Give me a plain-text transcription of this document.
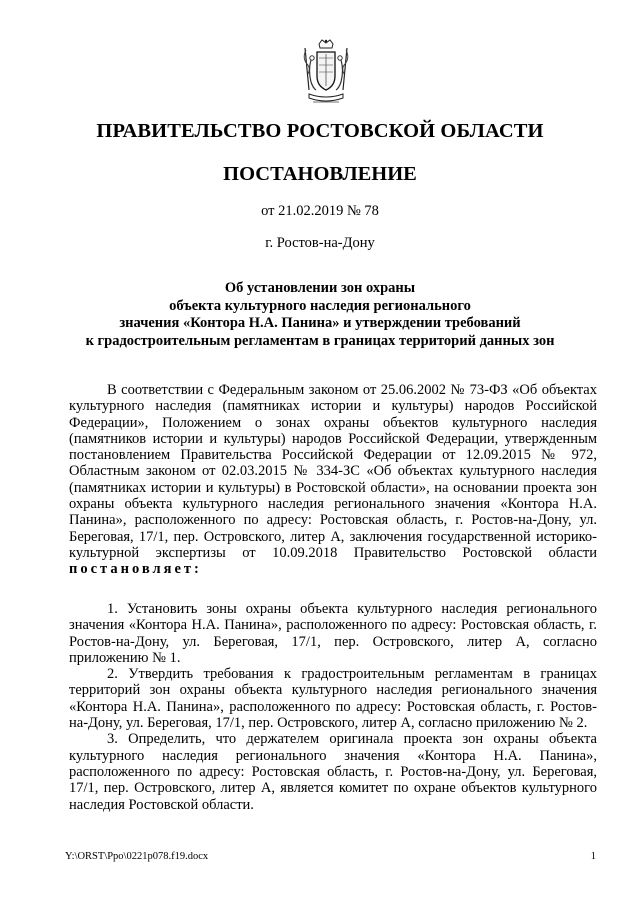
ПРАВИТЕЛЬСТВО РОСТОВСКОЙ ОБЛАСТИ
ПОСТАНОВЛЕНИЕ
от 21.02.2019 № 78
г. Ростов-на-Дону
Об установлении зон охраны
объекта культурного наследия регионального
значения «Контора Н.А. Панина» и утверждении требований
к градостроительным регламентам в границах территорий данных зон
В соответствии с Федеральным законом от 25.06.2002 № 73-ФЗ «Об объектах культурного наследия (памятниках истории и культуры) народов Российской Федерации», Положением о зонах охраны объектов культурного наследия (памятников истории и культуры) народов Российской Федерации, утвержденным постановлением Правительства Российской Федерации от 12.09.2015 № 972, Областным законом от 02.03.2015 № 334-ЗС «Об объектах культурного наследия (памятниках истории и культуры) в Ростовской области», на основании проекта зон охраны объекта культурного наследия регионального значения «Контора Н.А. Панина», расположенного по адресу: Ростовская область, г. Ростов-на-Дону, ул. Береговая, 17/1, пер. Островского, литер А, заключения государственной историко-культурной экспертизы от 10.09.2018 Правительство Ростовской области постановляет:
1. Установить зоны охраны объекта культурного наследия регионального значения «Контора Н.А. Панина», расположенного по адресу: Ростовская область, г. Ростов-на-Дону, ул. Береговая, 17/1, пер. Островского, литер А, согласно приложению № 1.
2. Утвердить требования к градостроительным регламентам в границах территорий зон охраны объекта культурного наследия регионального значения «Контора Н.А. Панина», расположенного по адресу: Ростовская область, г. Ростов-на-Дону, ул. Береговая, 17/1, пер. Островского, литер А, согласно приложению № 2.
3. Определить, что держателем оригинала проекта зон охраны объекта культурного наследия регионального значения «Контора Н.А. Панина», расположенного по адресу: Ростовская область, г. Ростов-на-Дону, ул. Береговая, 17/1, пер. Островского, литер А, является комитет по охране объектов культурного наследия Ростовской области.
Y:\ORST\Ppo\0221p078.f19.docx	1
